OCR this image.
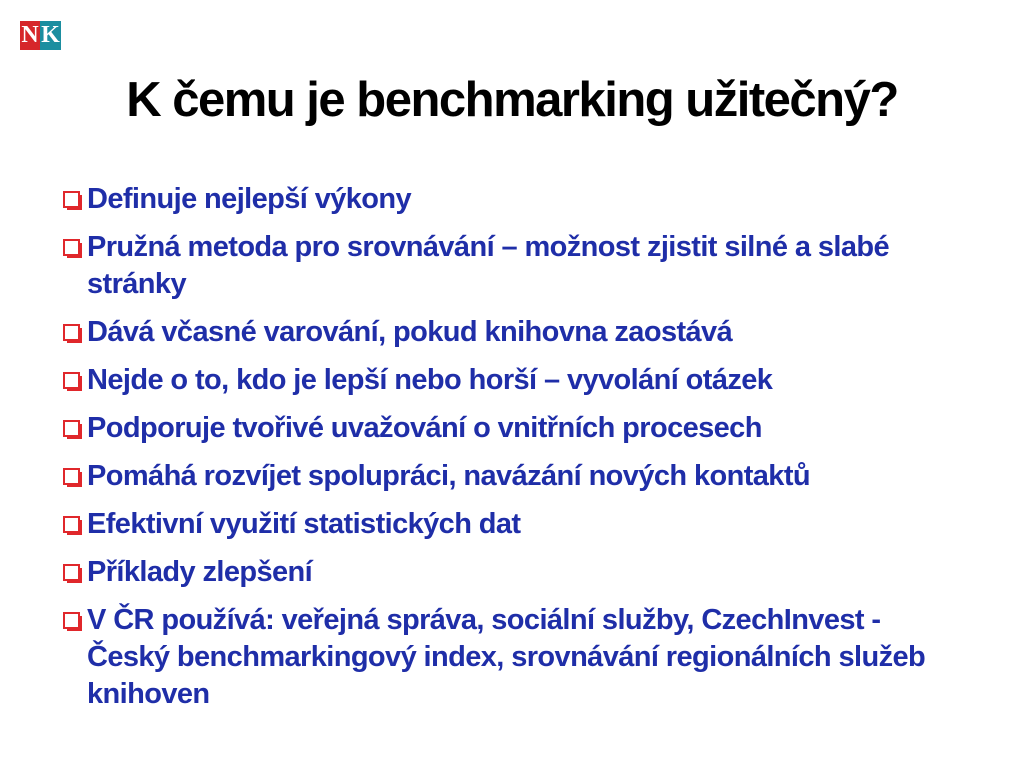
N K
K čemu je benchmarking užitečný?
Definuje nejlepší výkony
Pružná metoda pro srovnávání – možnost zjistit silné a slabé stránky
Dává včasné varování, pokud knihovna zaostává
Nejde o to, kdo je lepší nebo horší – vyvolání otázek
Podporuje tvořivé uvažování o vnitřních procesech
Pomáhá rozvíjet spolupráci, navázání nových kontaktů
Efektivní využití statistických dat
Příklady zlepšení
V ČR používá: veřejná správa, sociální služby, CzechInvest - Český benchmarkingový index, srovnávání regionálních služeb knihoven
